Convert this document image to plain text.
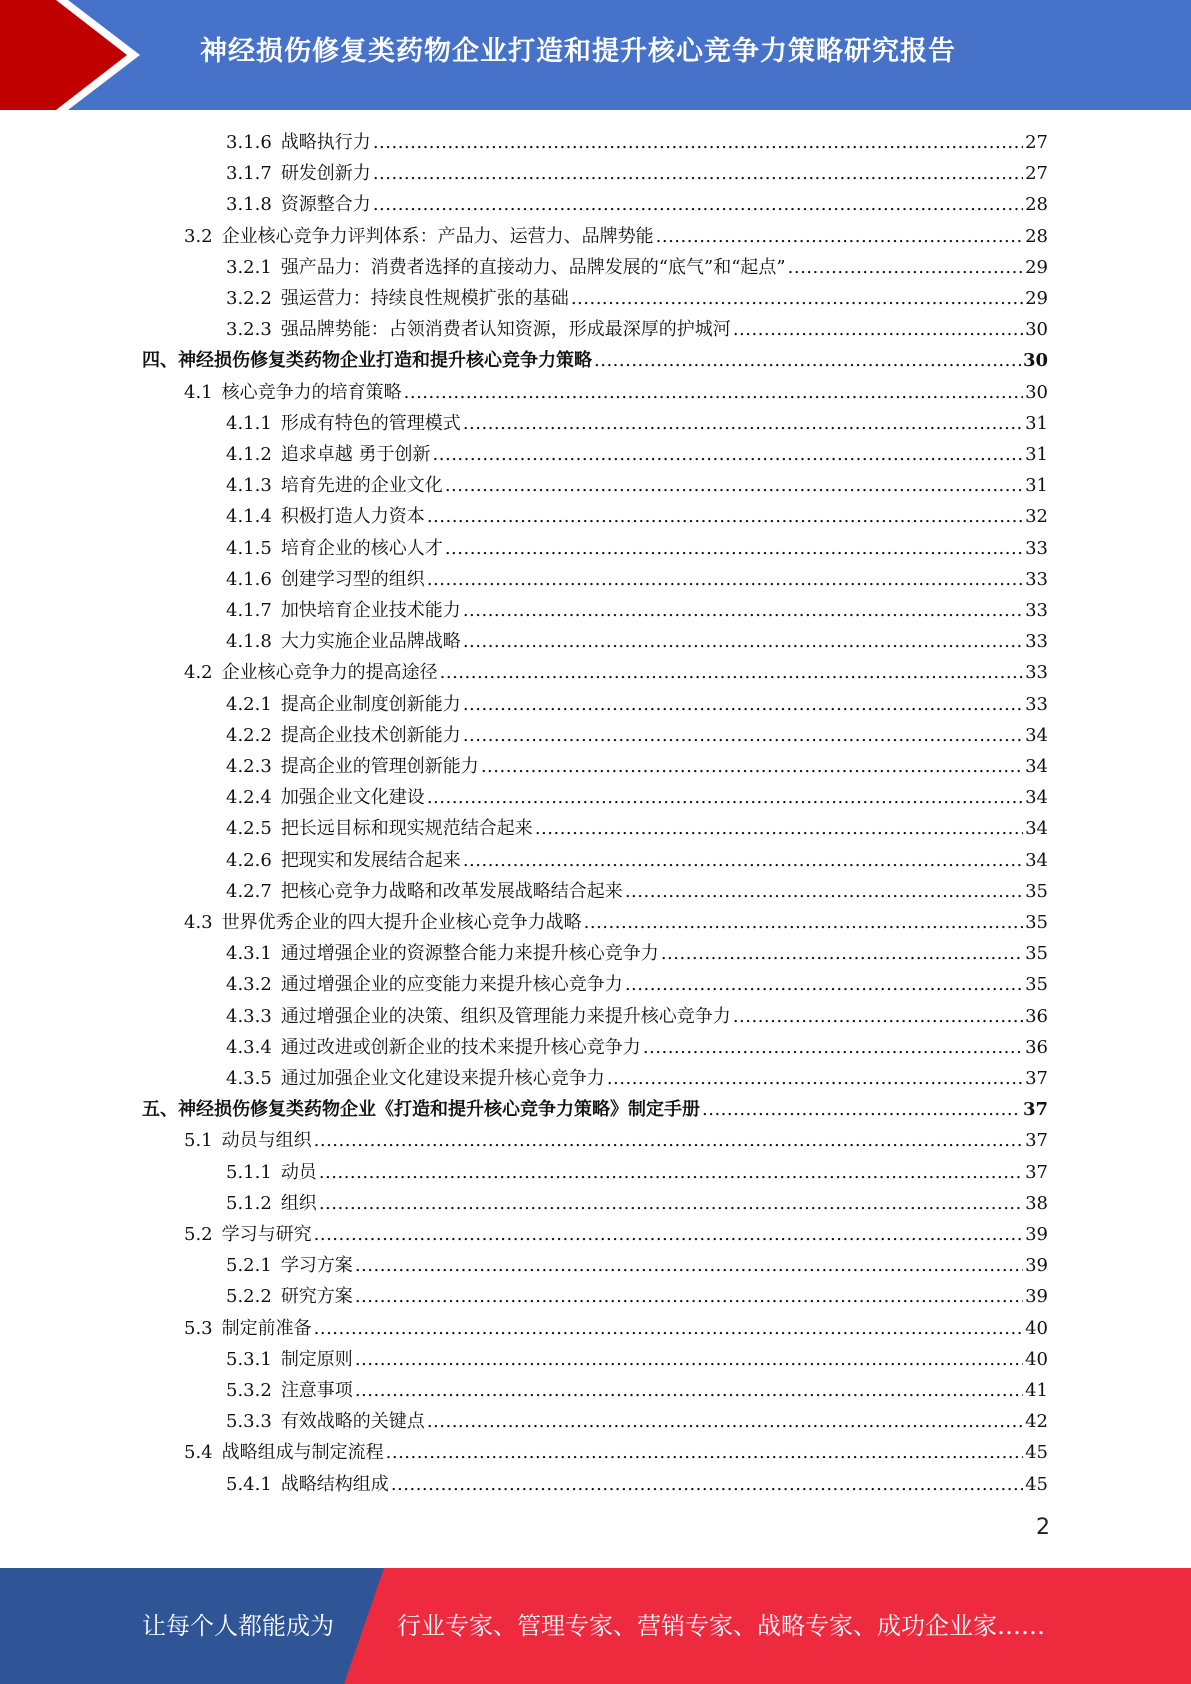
神经损伤修复类药物企业打造和提升核心竞争力策略研究报告
3.1.6 战略执行力 .....	27
3.1.7 研发创新力 .....	27
3.1.8 资源整合力 .....	28
3.2 企业核心竞争力评判体系：产品力、运营力、品牌势能 .....	28
3.2.1 强产品力：消费者选择的直接动力、品牌发展的“底气”和“起点” .....	29
3.2.2 强运营力：持续良性规模扩张的基础 .....	29
3.2.3 强品牌势能：占领消费者认知资源，形成最深厚的护城河 .....	30
四、 神经损伤修复类药物企业打造和提升核心竞争力策略 .....	30
4.1 核心竞争力的培育策略 .....	30
4.1.1 形成有特色的管理模式 .....	31
4.1.2 追求卓越 勇于创新 .....	31
4.1.3 培育先进的企业文化 .....	31
4.1.4 积极打造人力资本 .....	32
4.1.5 培育企业的核心人才 .....	33
4.1.6 创建学习型的组织 .....	33
4.1.7 加快培育企业技术能力 .....	33
4.1.8 大力实施企业品牌战略 .....	33
4.2 企业核心竞争力的提高途径 .....	33
4.2.1 提高企业制度创新能力 .....	33
4.2.2 提高企业技术创新能力 .....	34
4.2.3 提高企业的管理创新能力 .....	34
4.2.4 加强企业文化建设 .....	34
4.2.5 把长远目标和现实规范结合起来 .....	34
4.2.6 把现实和发展结合起来 .....	34
4.2.7 把核心竞争力战略和改革发展战略结合起来 .....	35
4.3 世界优秀企业的四大提升企业核心竞争力战略 .....	35
4.3.1 通过增强企业的资源整合能力来提升核心竞争力 .....	35
4.3.2 通过增强企业的应变能力来提升核心竞争力 .....	35
4.3.3 通过增强企业的决策、组织及管理能力来提升核心竞争力 .....	36
4.3.4 通过改进或创新企业的技术来提升核心竞争力 .....	36
4.3.5 通过加强企业文化建设来提升核心竞争力 .....	37
五、 神经损伤修复类药物企业《打造和提升核心竞争力策略》制定手册 .....	37
5.1 动员与组织 .....	37
5.1.1 动员 .....	37
5.1.2 组织 .....	38
5.2 学习与研究 .....	39
5.2.1 学习方案 .....	39
5.2.2 研究方案 .....	39
5.3 制定前准备 .....	40
5.3.1 制定原则 .....	40
5.3.2 注意事项 .....	41
5.3.3 有效战略的关键点 .....	42
5.4 战略组成与制定流程 .....	45
5.4.1 战略结构组成 .....	45
2
让每个人都能成为	行业专家、管理专家、营销专家、战略专家、成功企业家……
